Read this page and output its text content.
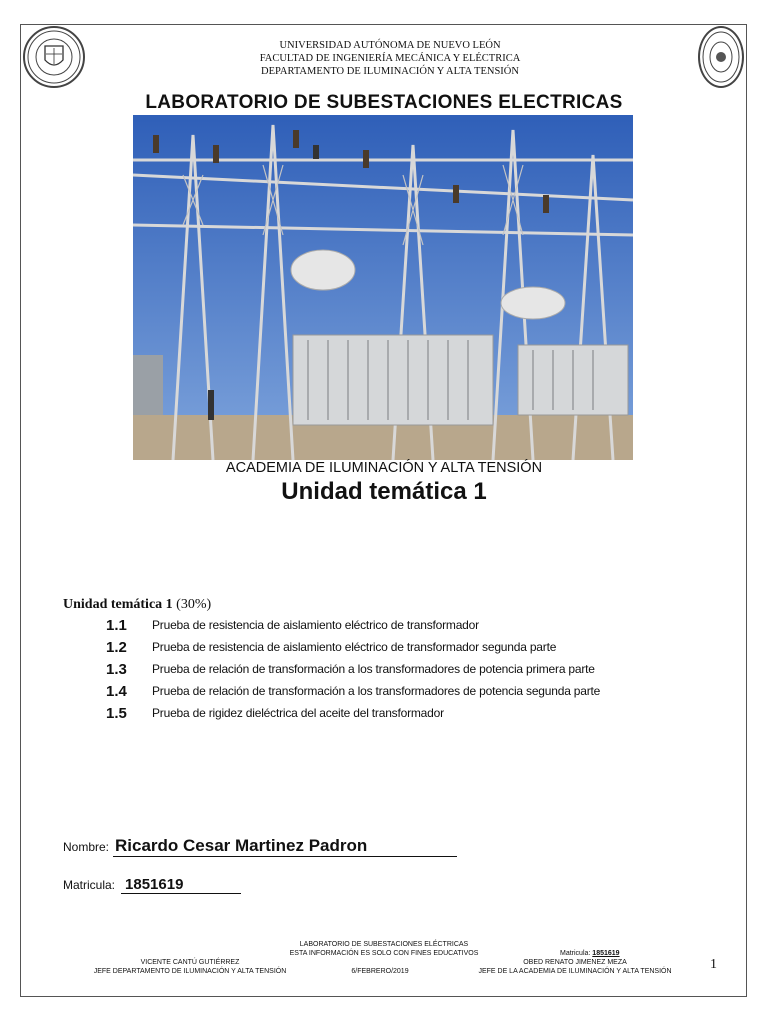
UNIVERSIDAD AUTÓNOMA DE NUEVO LEÓN
FACULTAD DE INGENIERÍA MECÁNICA Y ELÉCTRICA
DEPARTAMENTO DE ILUMINACIÓN Y ALTA TENSIÓN
LABORATORIO DE SUBESTACIONES ELECTRICAS
ACADEMIA DE ILUMINACIÓN Y ALTA TENSIÓN
Unidad temática 1
Unidad temática 1 (30%)
1.1	Prueba de resistencia de aislamiento eléctrico de transformador
1.2	Prueba de resistencia de aislamiento eléctrico de transformador segunda parte
1.3	Prueba de relación de transformación a los transformadores de potencia primera parte
1.4	Prueba de relación de transformación a los transformadores de potencia segunda parte
1.5	Prueba de rigidez dieléctrica del aceite del transformador
Nombre: Ricardo Cesar Martinez Padron
Matricula: 1851619
LABORATORIO DE SUBESTACIONES ELÉCTRICAS
ESTA INFORMACIÓN ES SOLO CON FINES EDUCATIVOS
VICENTE CANTÚ GUTIÉRREZ
JEFE DEPARTAMENTO DE ILUMINACIÓN Y ALTA TENSIÓN	6/FEBRERO/2019
Matricula: 1851619
OBED RENATO JIMENEZ MEZA
JEFE DE LA ACADEMIA DE ILUMINACIÓN Y ALTA TENSIÓN	1
